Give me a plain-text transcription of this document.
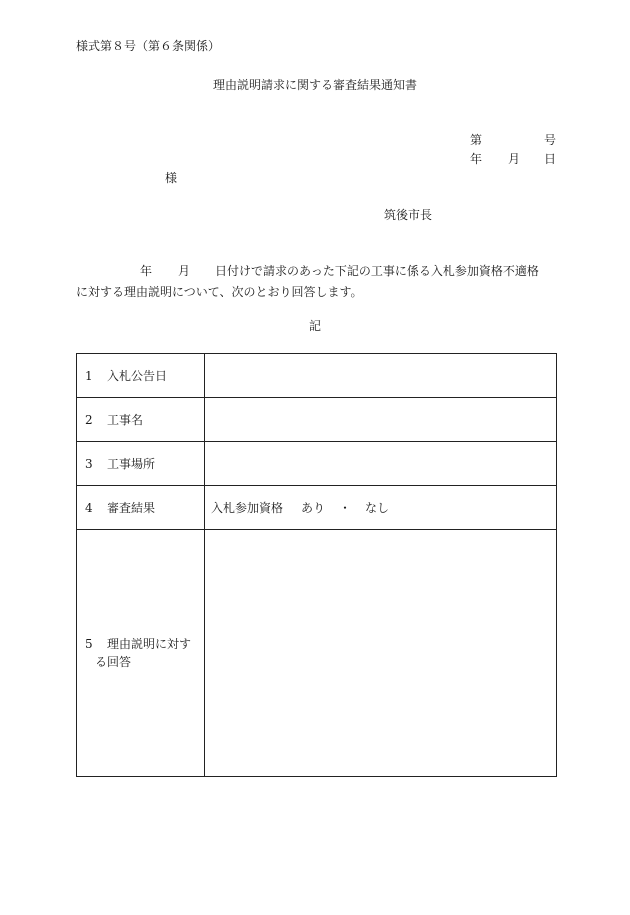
様式第８号（第６条関係）
理由説明請求に関する審査結果通知書
第	号
年 月 日
様
筑後市長
年 月 日付けで請求のあった下記の工事に係る入札参加資格不適格
に対する理由説明について、次のとおり回答します。
記
1	入札公告日
2	工事名
3	工事場所
4	審査結果	入札参加資格 あり ・ なし
5 理由説明に対す
る回答
